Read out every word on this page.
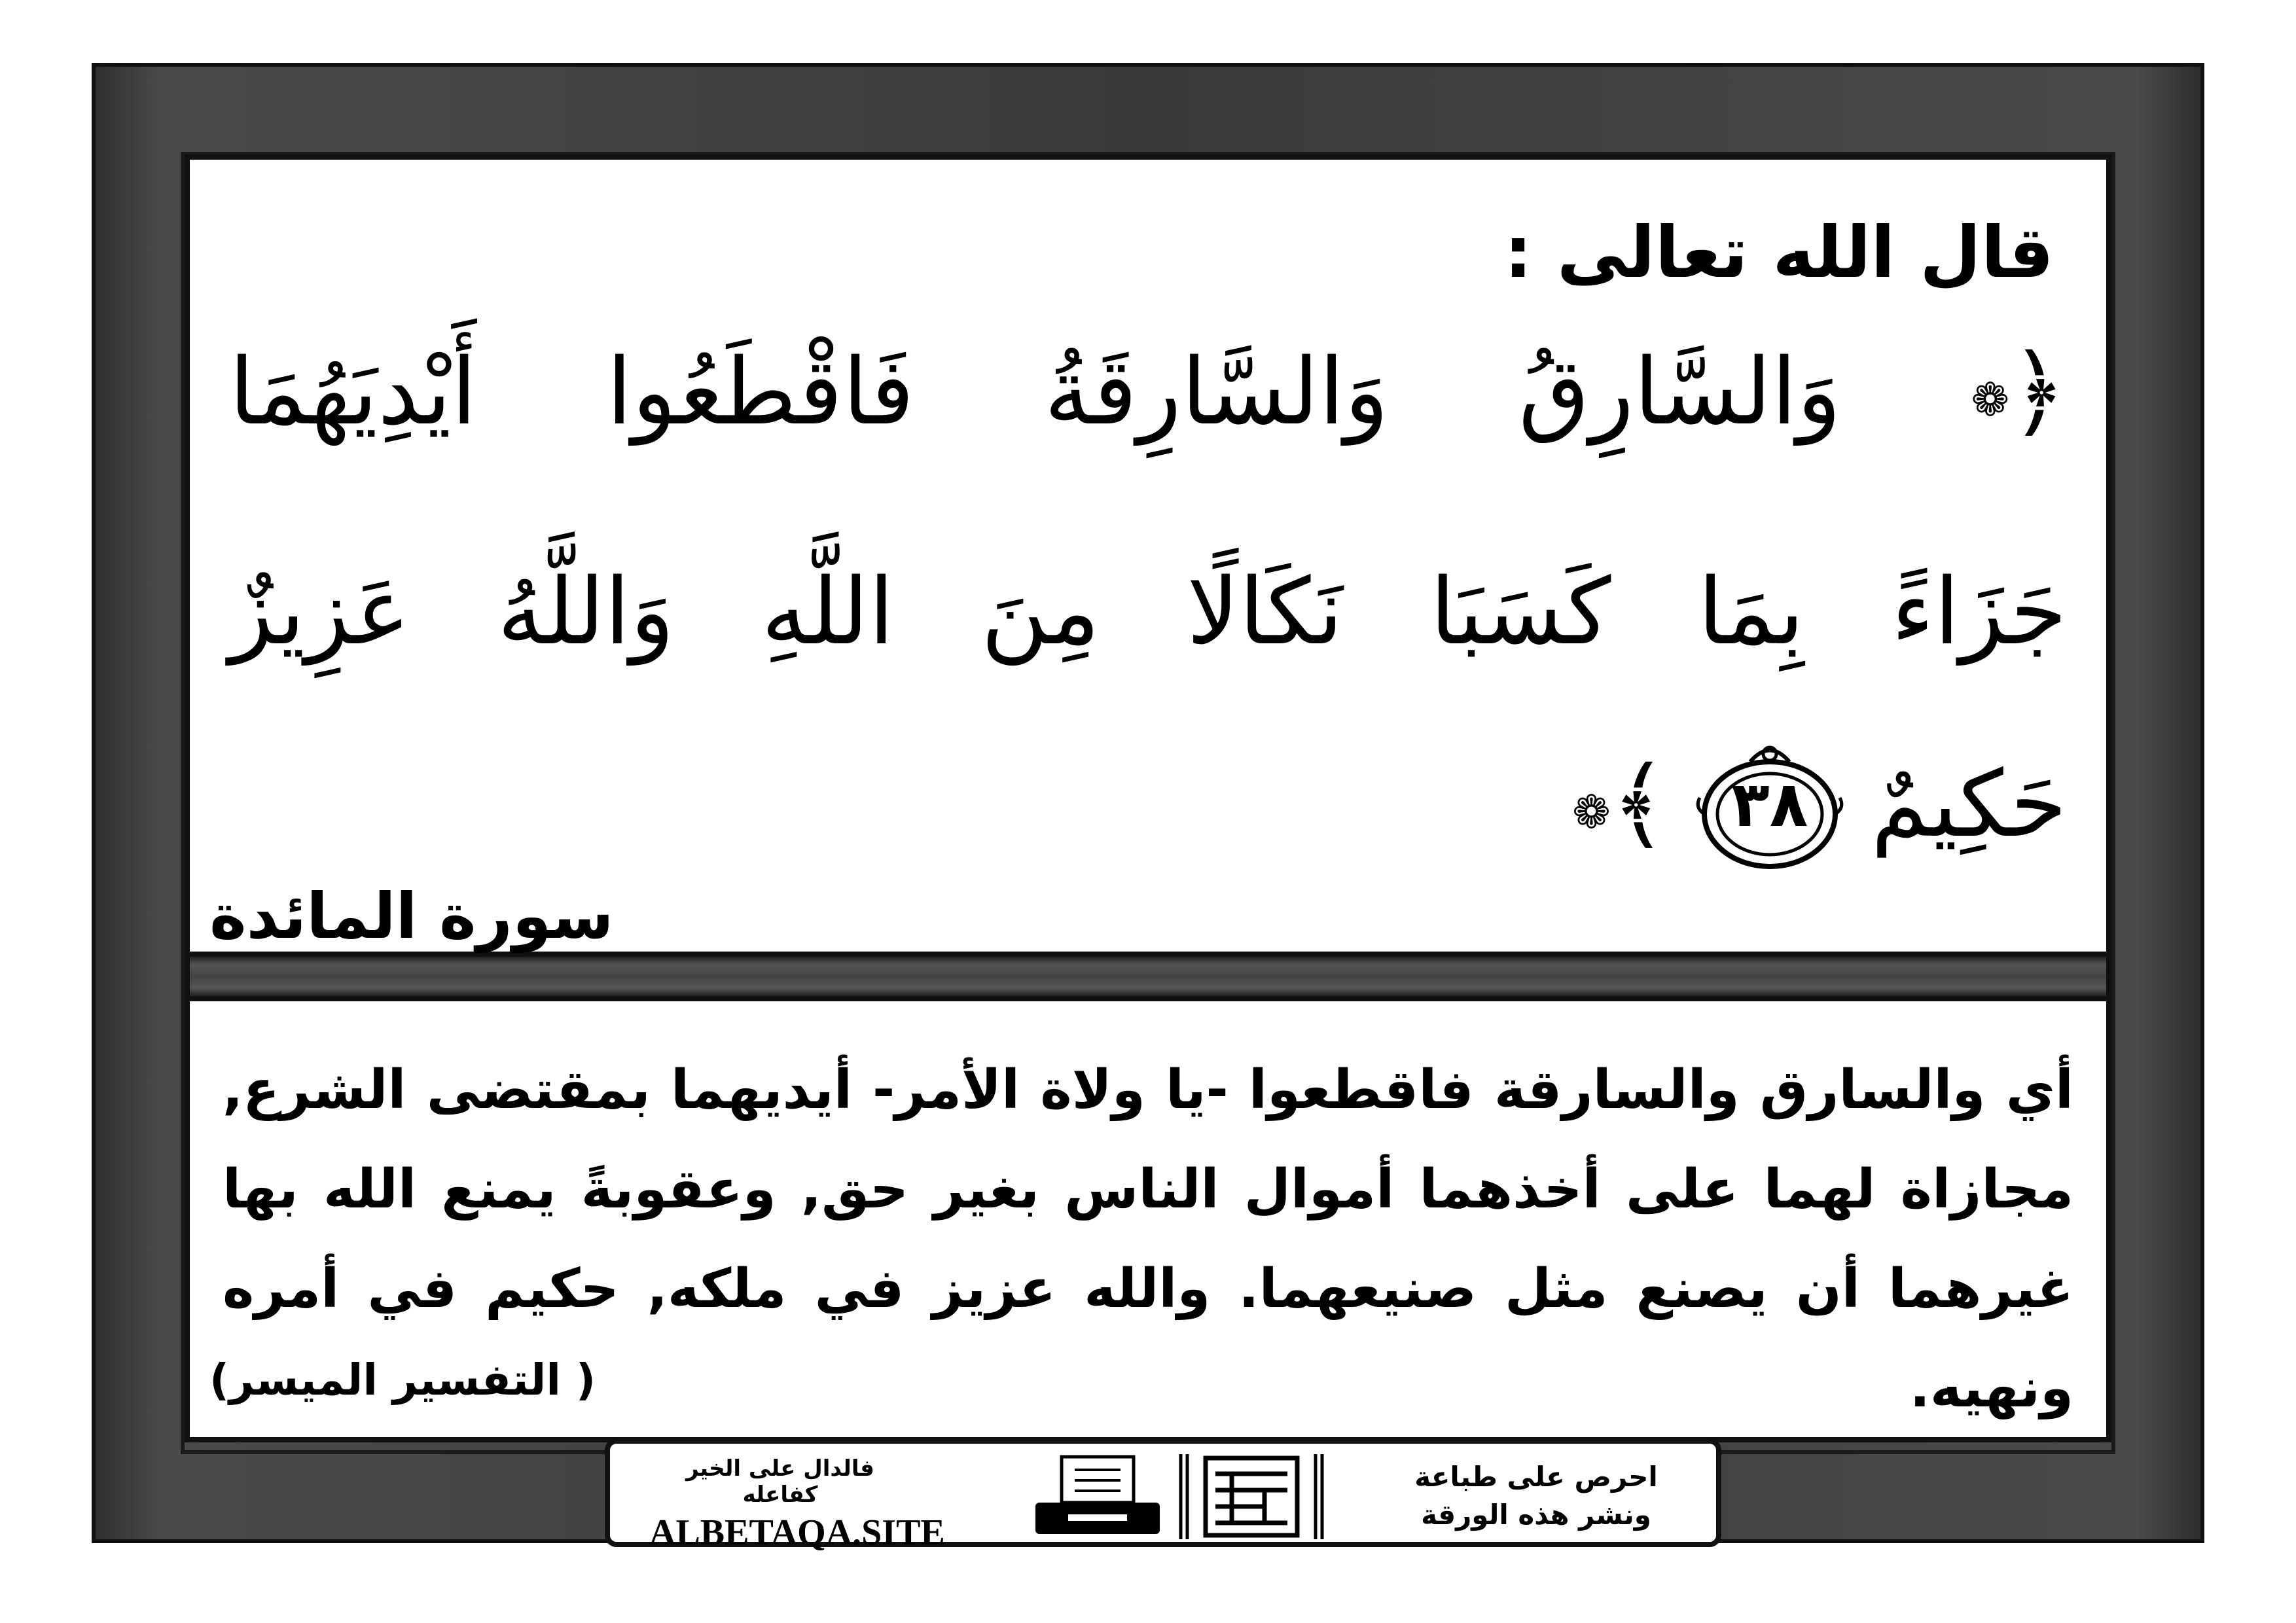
قال الله تعالى :
﴿❁
وَالسَّارِقُ
وَالسَّارِقَةُ
فَاقْطَعُوا
أَيْدِيَهُمَا
جَزَاءً
بِمَا
كَسَبَا
نَكَالًا
مِنَ
اللَّهِ
وَاللَّهُ
عَزِيزٌ
حَكِيمٌ
٣٨
﴾❁
سورة المائدة

أي والسارق والسارقة فاقطعوا -يا ولاة الأمر- أيديهما بمقتضى الشرع, مجازاة لهما على أخذهما أموال الناس بغير حق, وعقوبةً يمنع الله بها غيرهما أن يصنع مثل صنيعهما. والله عزيز في ملكه, حكيم في أمره ونهيه.

( التفسير الميسر)
فالدال على الخير كفاعله
ALBETAQA.SITE
احرص على طباعة
ونشر هذه الورقة
